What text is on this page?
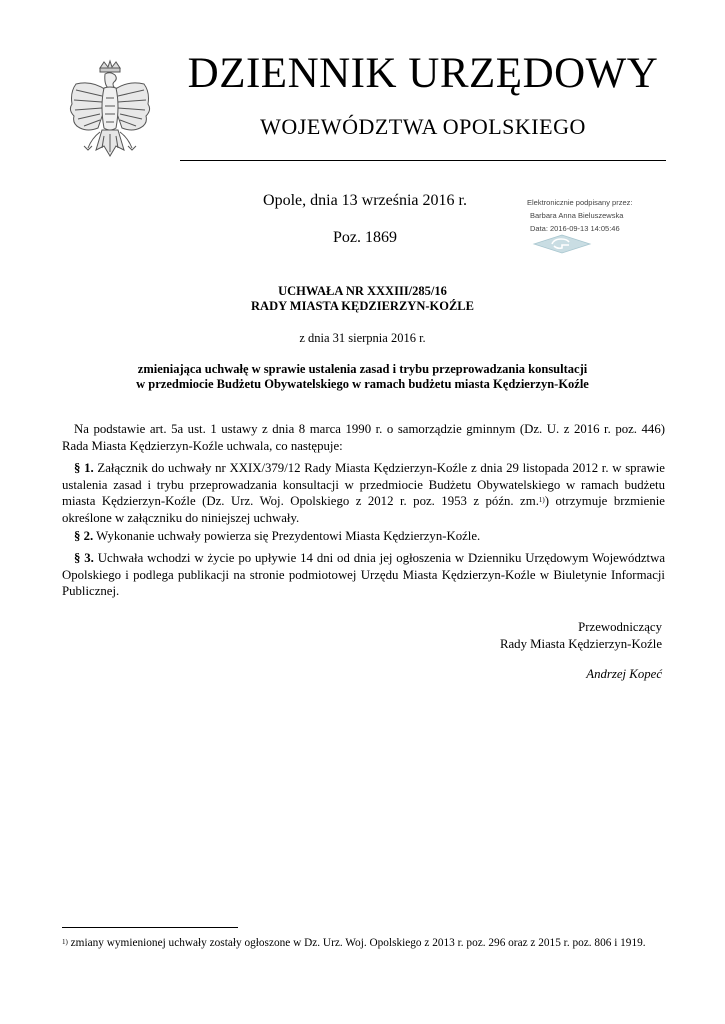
DZIENNIK URZĘDOWY
WOJEWÓDZTWA OPOLSKIEGO
Opole, dnia 13 września 2016 r.
Poz. 1869
Elektronicznie podpisany przez:
Barbara Anna Bieluszewska
Data: 2016-09-13 14:05:46
UCHWAŁA NR XXXIII/285/16
RADY MIASTA KĘDZIERZYN-KOŹLE
z dnia 31 sierpnia 2016 r.
zmieniająca uchwałę w sprawie ustalenia zasad i trybu przeprowadzania konsultacji
w przedmiocie Budżetu Obywatelskiego w ramach budżetu miasta Kędzierzyn-Koźle

Na podstawie art. 5a ust. 1 ustawy z dnia 8 marca 1990 r. o samorządzie gminnym (Dz. U. z 2016 r. poz. 446) Rada Miasta Kędzierzyn-Koźle uchwala, co następuje:

§ 1. Załącznik do uchwały nr XXIX/379/12 Rady Miasta Kędzierzyn-Koźle z dnia 29 listopada 2012 r. w sprawie ustalenia zasad i trybu przeprowadzania konsultacji w przedmiocie Budżetu Obywatelskiego w ramach budżetu miasta Kędzierzyn-Koźle (Dz. Urz. Woj. Opolskiego z 2012 r. poz. 1953 z późn. zm.$^{1)}$) otrzymuje brzmienie określone w załączniku do niniejszej uchwały.

§ 2. Wykonanie uchwały powierza się Prezydentowi Miasta Kędzierzyn-Koźle.

§ 3. Uchwała wchodzi w życie po upływie 14 dni od dnia jej ogłoszenia w Dzienniku Urzędowym Województwa Opolskiego i podlega publikacji na stronie podmiotowej Urzędu Miasta Kędzierzyn-Koźle w Biuletynie Informacji Publicznej.

Przewodniczący
Rady Miasta Kędzierzyn-Koźle
Andrzej Kopeć
$^{1)}$ zmiany wymienionej uchwały zostały ogłoszone w Dz. Urz. Woj. Opolskiego z 2013 r. poz. 296 oraz z 2015 r. poz. 806 i 1919.
